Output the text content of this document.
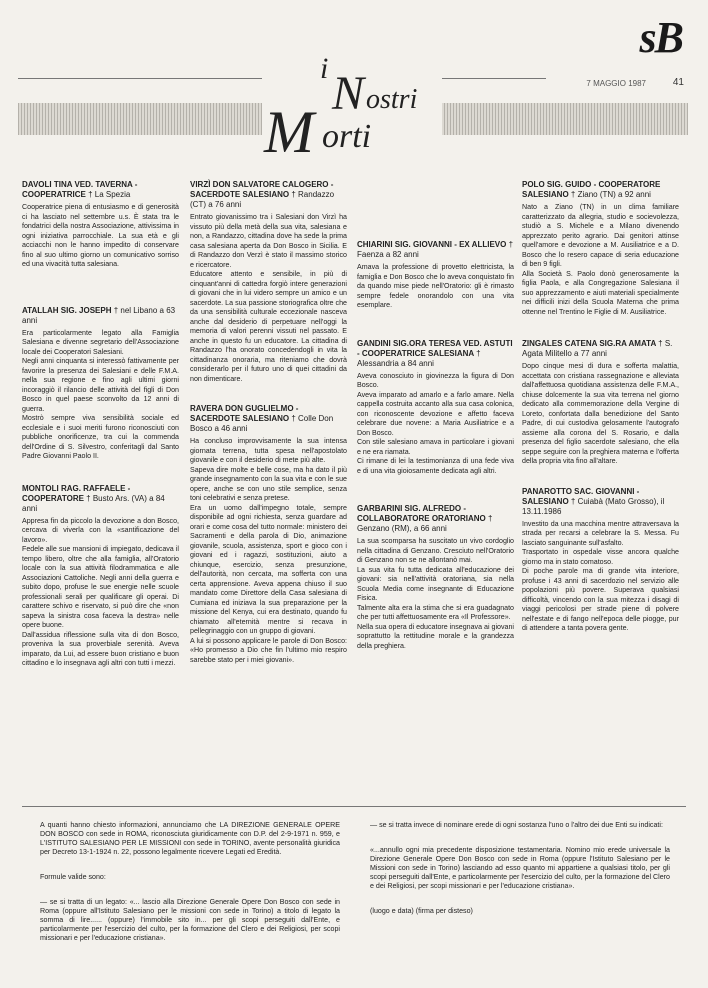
sB
7 MAGGIO 1987	41
i N ostri
M orti

DAVOLI TINA VED. TAVERNA - COOPERATRICE † La Spezia

Cooperatrice piena di entusiasmo e di generosità ci ha lasciato nel settembre u.s. È stata tra le fondatrici della nostra Associazione, attivissima in ogni iniziativa parrocchiale. La sua età e gli acciacchi non le hanno impedito di conservare fino al suo ultimo giorno un comunicativo sorriso ed una vivacità tutta salesiana.

ATALLAH SIG. JOSEPH † nel Libano a 63 anni

Era particolarmente legato alla Famiglia Salesiana e divenne segretario dell'Associazione locale dei Cooperatori Salesiani.
Negli anni cinquanta si interessò fattivamente per favorire la presenza dei Salesiani e delle F.M.A. nella sua regione e fino agli ultimi giorni incoraggiò il rilancio delle attività del figli di Don Bosco in quel paese sconvolto da 12 anni di guerra.
Mostrò sempre viva sensibilità sociale ed ecclesiale e i suoi meriti furono riconosciuti con pubbliche onorificenze, tra cui la commenda dell'Ordine di S. Silvestro, conferitagli dal Santo Padre Giovanni Paolo II.

MONTOLI RAG. RAFFAELE - COOPERATORE † Busto Ars. (VA) a 84 anni

Appresa fin da piccolo la devozione a don Bosco, cercava di viverla con la «santificazione del lavoro».
Fedele alle sue mansioni di impiegato, dedicava il tempo libero, oltre che alla famiglia, all'Oratorio locale con la sua attività filodrammatica e alle Associazioni Cattoliche. Negli anni della guerra e subito dopo, profuse le sue energie nelle scuole professionali serali per qualificare gli operai. Di carattere schivo e riservato, si può dire che «non sapeva la sinistra cosa faceva la destra» nelle opere buone.
Dall'assidua riflessione sulla vita di don Bosco, proveniva la sua proverbiale serenità. Aveva imparato, da Lui, ad essere buon cristiano e buon cittadino e lo insegnava agli altri con tutti i mezzi.

VIRZÌ DON SALVATORE CALOGERO - SACERDOTE SALESIANO † Randazzo (CT) a 76 anni

Entrato giovanissimo tra i Salesiani don Virzì ha vissuto più della metà della sua vita, salesiana e non, a Randazzo, cittadina dove ha sede la prima casa salesiana aperta da Don Bosco in Sicilia. E di Randazzo don Verzì è stato il massimo storico e ricercatore.
Educatore attento e sensibile, in più di cinquant'anni di cattedra forgiò intere generazioni di giovani che in lui videro sempre un amico e un sacerdote. La sua passione storiografica oltre che da una sensibilità culturale eccezionale nasceva anche dal desiderio di perpetuare nell'oggi la memoria di valori perenni vissuti nel passato. E anche in questo fu un educatore. La cittadina di Randazzo l'ha onorato concedendogli in vita la cittadinanza onoraria, ma riteniamo che dovrà considerarlo per il futuro uno di quei cittadini da non dimenticare.

RAVERA DON GUGLIELMO - SACERDOTE SALESIANO † Colle Don Bosco a 46 anni

Ha concluso improvvisamente la sua intensa giornata terrena, tutta spesa nell'apostolato giovanile e con il desiderio di mete più alte.
Sapeva dire molte e belle cose, ma ha dato il più grande insegnamento con la sua vita e con le sue opere, anche se con uno stile semplice, senza toni celebrativi e senza pretese.
Era un uomo dall'impegno totale, sempre disponibile ad ogni richiesta, senza guardare ad orari e come cosa del tutto normale: ministero dei Sacramenti e della parola di Dio, animazione giovanile, scuola, assistenza, sport e gioco con i giovani ed i ragazzi, sostituzioni, aiuto a chiunque, esercizio, senza presunzione, dell'autorità, non cercata, ma sofferta con una certa apprensione. Aveva appena chiuso il suo mandato come Direttore della Casa salesiana di Cumiana ed iniziava la sua preparazione per la missione del Kenya, cui era destinato, quando fu chiamato all'eternità mentre si recava in pellegrinaggio con un gruppo di giovani.
A lui si possono applicare le parole di Don Bosco: «Ho promesso a Dio che fin l'ultimo mio respiro sarebbe stato per i miei giovani».

CHIARINI SIG. GIOVANNI - EX ALLIEVO † Faenza a 82 anni

Amava la professione di provetto elettricista, la famiglia e Don Bosco che lo aveva conquistato fin da quando mise piede nell'Oratorio: gli è rimasto sempre fedele onorandolo con una vita esemplare.

GANDINI SIG.ORA TERESA VED. ASTUTI - COOPERATRICE SALESIANA † Alessandria a 84 anni

Aveva conosciuto in giovinezza la figura di Don Bosco.
Aveva imparato ad amarlo e a farlo amare. Nella cappella costruita accanto alla sua casa colonica, con riconoscente devozione e affetto faceva celebrare due novene: a Maria Ausiliatrice e a Don Bosco.
Con stile salesiano amava in particolare i giovani e ne era riamata.
Ci rimane di lei la testimonianza di una fede viva e di una vita gioiosamente dedicata agli altri.

GARBARINI SIG. ALFREDO - COLLABORATORE ORATORIANO † Genzano (RM), a 66 anni

La sua scomparsa ha suscitato un vivo cordoglio nella cittadina di Genzano. Cresciuto nell'Oratorio di Genzano non se ne allontanò mai.
La sua vita fu tutta dedicata all'educazione dei giovani: sia nell'attività oratoriana, sia nella Scuola Media come insegnante di Educazione Fisica.
Talmente alta era la stima che si era guadagnato che per tutti affettuosamente era «Il Professore».
Nella sua opera di educatore insegnava ai giovani soprattutto la rettitudine morale e la grandezza della preghiera.

POLO SIG. GUIDO - COOPERATORE SALESIANO † Ziano (TN) a 92 anni

Nato a Ziano (TN) in un clima familiare caratterizzato da allegria, studio e socievolezza, studiò a S. Michele e a Milano divenendo apprezzato perito agrario. Dai genitori attinse quell'amore e devozione a M. Ausiliatrice e a D. Bosco che lo resero capace di seria educazione di ben 9 figli.
Alla Società S. Paolo donò generosamente la figlia Paola, e alla Congregazione Salesiana il suo apprezzamento e aiuti materiali specialmente nei difficili inizi della Scuola Materna che prima ottenne nel Trentino le Figlie di M. Ausiliatrice.

ZINGALES CATENA SIG.RA AMATA † S. Agata Militello a 77 anni

Dopo cinque mesi di dura e sofferta malattia, accettata con cristiana rassegnazione e alleviata dall'affettuosa quotidiana assistenza delle F.M.A., chiuse dolcemente la sua vita terrena nel giorno dedicato alla commemorazione della Vergine di Loreto, confortata dalla benedizione del Santo Padre, di cui custodiva gelosamente l'autografo assieme alla corona del S. Rosario, e dalla presenza del figlio sacerdote salesiano, che ella seppe seguire con la preghiera materna e l'offerta della propria vita fino all'altare.

PANAROTTO SAC. GIOVANNI - SALESIANO † Cuiabà (Mato Grosso), il 13.11.1986

Investito da una macchina mentre attraversava la strada per recarsi a celebrare la S. Messa. Fu lasciato sanguinante sull'asfalto.
Trasportato in ospedale visse ancora qualche giorno ma in stato comatoso.
Di poche parole ma di grande vita interiore, profuse i 43 anni di sacerdozio nel servizio alle popolazioni più povere. Superava qualsiasi difficoltà, vincendo con la sua mitezza i disagi di viaggi pericolosi per strade piene di polvere nell'estate e di fango nell'epoca delle piogge, pur di attendere a tanta povera gente.

A quanti hanno chiesto informazioni, annunciamo che LA DIREZIONE GENERALE OPERE DON BOSCO con sede in ROMA, riconosciuta giuridicamente con D.P. del 2-9-1971 n. 959, e L'ISTITUTO SALESIANO PER LE MISSIONI con sede in TORINO, avente personalità giuridica per Decreto 13-1-1924 n. 22, possono legalmente ricevere Legati ed Eredità.

Formule valide sono:

— se si tratta di un legato: «... lascio alla Direzione Generale Opere Don Bosco con sede in Roma (oppure all'Istituto Salesiano per le missioni con sede in Torino) a titolo di legato la somma di lire...... (oppure) l'immobile sito in... per gli scopi perseguiti dall'Ente, e particolarmente per l'esercizio del culto, per la formazione del Clero e dei Religiosi, per scopi missionari e per l'educazione cristiana».

— se si tratta invece di nominare erede di ogni sostanza l'uno o l'altro dei due Enti su indicati:

«...annullo ogni mia precedente disposizione testamentaria. Nomino mio erede universale la Direzione Generale Opere Don Bosco con sede in Roma (oppure l'Istituto Salesiano per le Missioni con sede in Torino) lasciando ad esso quanto mi appartiene a qualsiasi titolo, per gli scopi perseguiti dall'Ente, e particolarmente per l'esercizio del culto, per la formazione del Clero e dei Religiosi, per scopi missionari e per l'educazione cristiana».

(luogo e data) (firma per disteso)
